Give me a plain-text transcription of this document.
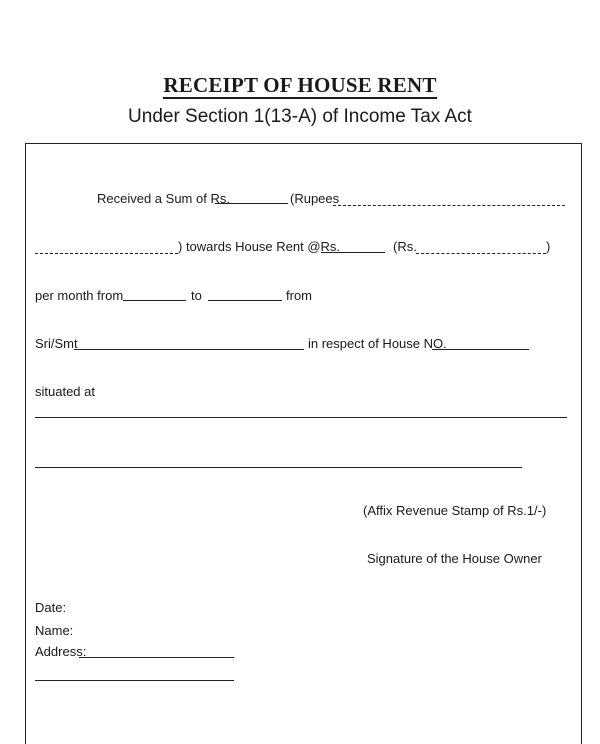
RECEIPT OF HOUSE RENT
Under Section 1(13-A) of Income Tax Act
Received a Sum of Rs.	(Rupees
) towards House Rent @Rs.	(Rs.	)
per month from	to	from
Sri/Smt	in respect of House NO.
situated at
(Affix Revenue Stamp of Rs.1/-)
Signature of the House Owner
Date:
Name:
Address:
